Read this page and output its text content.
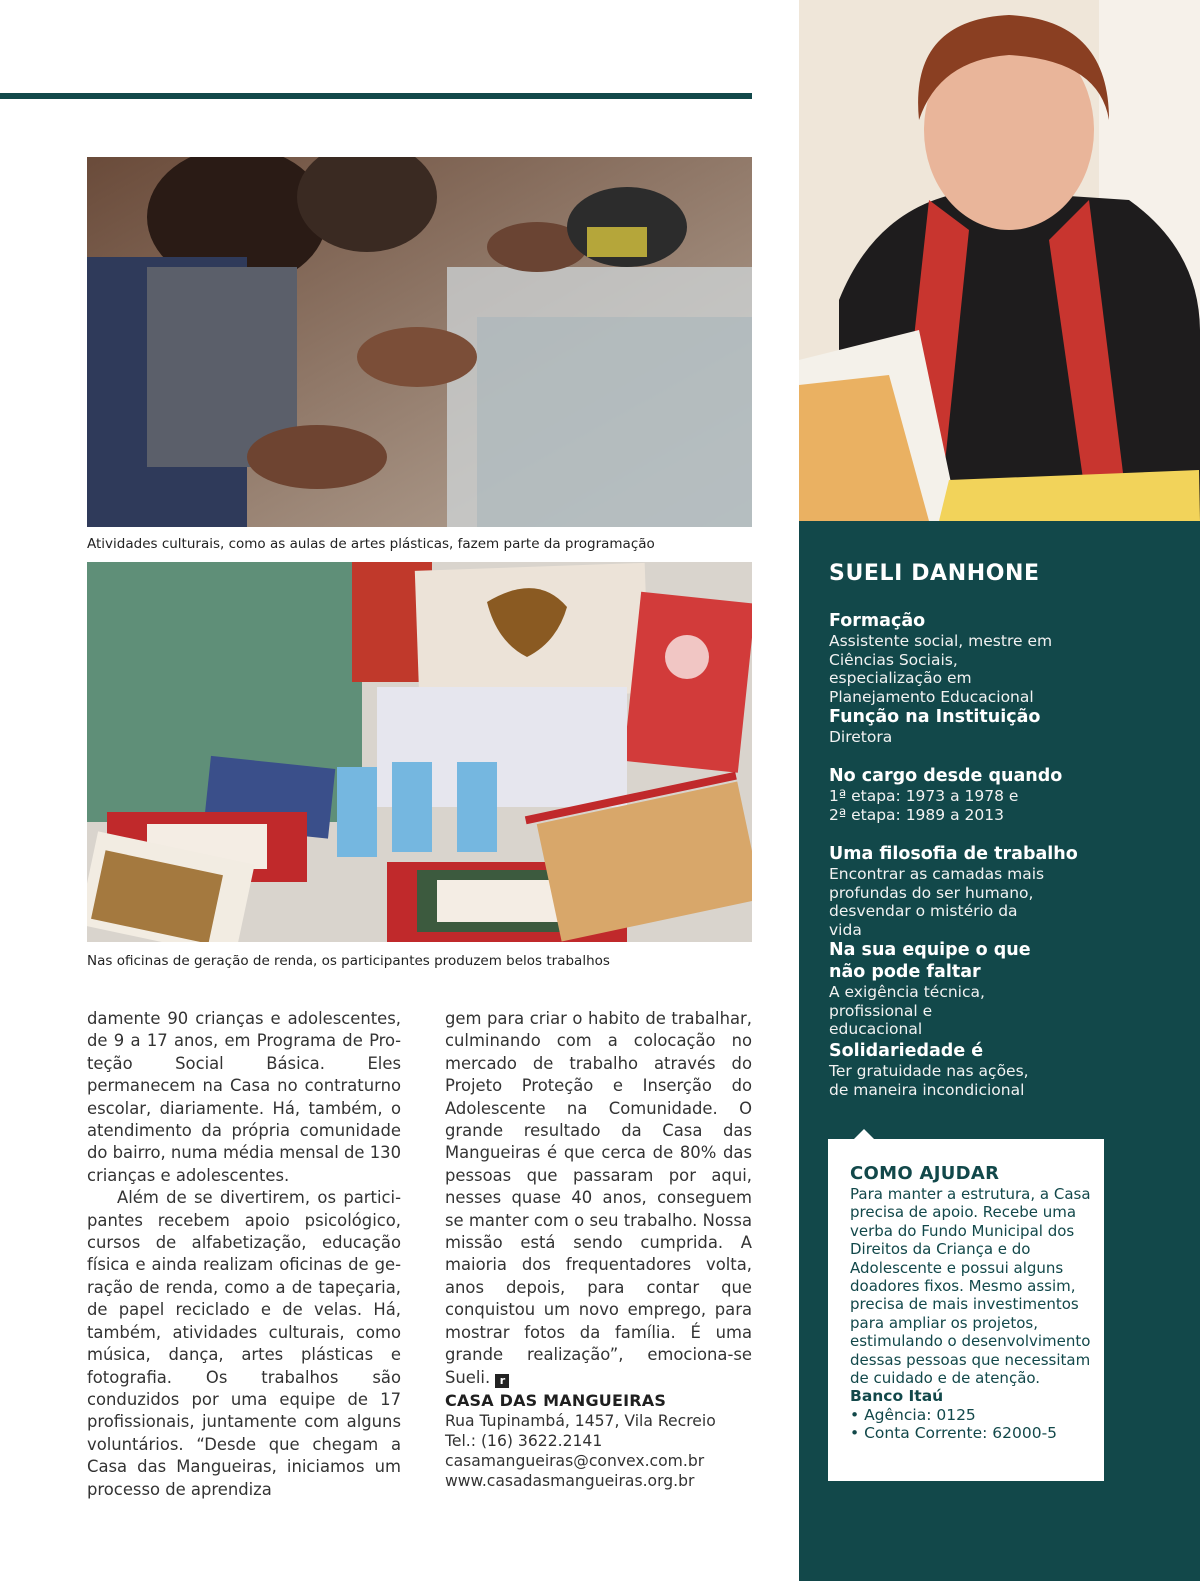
Atividades culturais, como as aulas de artes plásticas, fazem parte da programação
Nas oficinas de geração de renda, os participantes produzem belos trabalhos

damente 90 crianças e adolescentes, de 9 a 17 anos, em Programa de Proteção Social Básica. Eles permanecem na Casa no contraturno escolar, diariamente. Há, também, o atendimento da própria comunidade do bairro, numa média mensal de 130 crianças e adolescentes.

Além de se divertirem, os participantes recebem apoio psicológico, cursos de alfabetização, educação física e ainda realizam oficinas de geração de renda, como a de tapeçaria, de papel reciclado e de velas. Há, também, atividades culturais, como música, dança, artes plásticas e fotografia. Os trabalhos são conduzidos por uma equipe de 17 profissionais, juntamente com alguns voluntários. “Desde que chegam a Casa das Mangueiras, iniciamos um processo de aprendiza

gem para criar o habito de trabalhar, culminando com a colocação no mercado de trabalho através do Projeto Proteção e Inserção do Adolescente na Comunidade. O grande resultado da Casa das Mangueiras é que cerca de 80% das pessoas que passaram por aqui, nesses quase 40 anos, conseguem se manter com o seu trabalho. Nossa missão está sendo cumprida. A maioria dos frequentadores volta, anos depois, para contar que conquistou um novo emprego, para mostrar fotos da família. É uma grande realização”, emociona-se Sueli. r

CASA DAS MANGUEIRAS
Rua Tupinambá, 1457, Vila Recreio
Tel.: (16) 3622.2141
casamangueiras@convex.com.br
www.casadasmangueiras.org.br
SUELI DANHONE
Formação
Assistente social, mestre em Ciências Sociais, especialização em Planejamento Educacional
Função na Instituição
Diretora
No cargo desde quando
1ª etapa: 1973 a 1978 e
2ª etapa: 1989 a 2013
Uma filosofia de trabalho
Encontrar as camadas mais profundas do ser humano, desvendar o mistério da vida
Na sua equipe o que não pode faltar
A exigência técnica, profissional e educacional
Solidariedade é
Ter gratuidade nas ações, de maneira incondicional
COMO AJUDAR
Para manter a estrutura, a Casa precisa de apoio. Recebe uma verba do Fundo Municipal dos Direitos da Criança e do Adolescente e possui alguns doadores fixos. Mesmo assim, precisa de mais investimentos para ampliar os projetos, estimulando o desenvolvimento dessas pessoas que necessitam de cuidado e de atenção.
Banco Itaú
• Agência: 0125
• Conta Corrente: 62000-5
